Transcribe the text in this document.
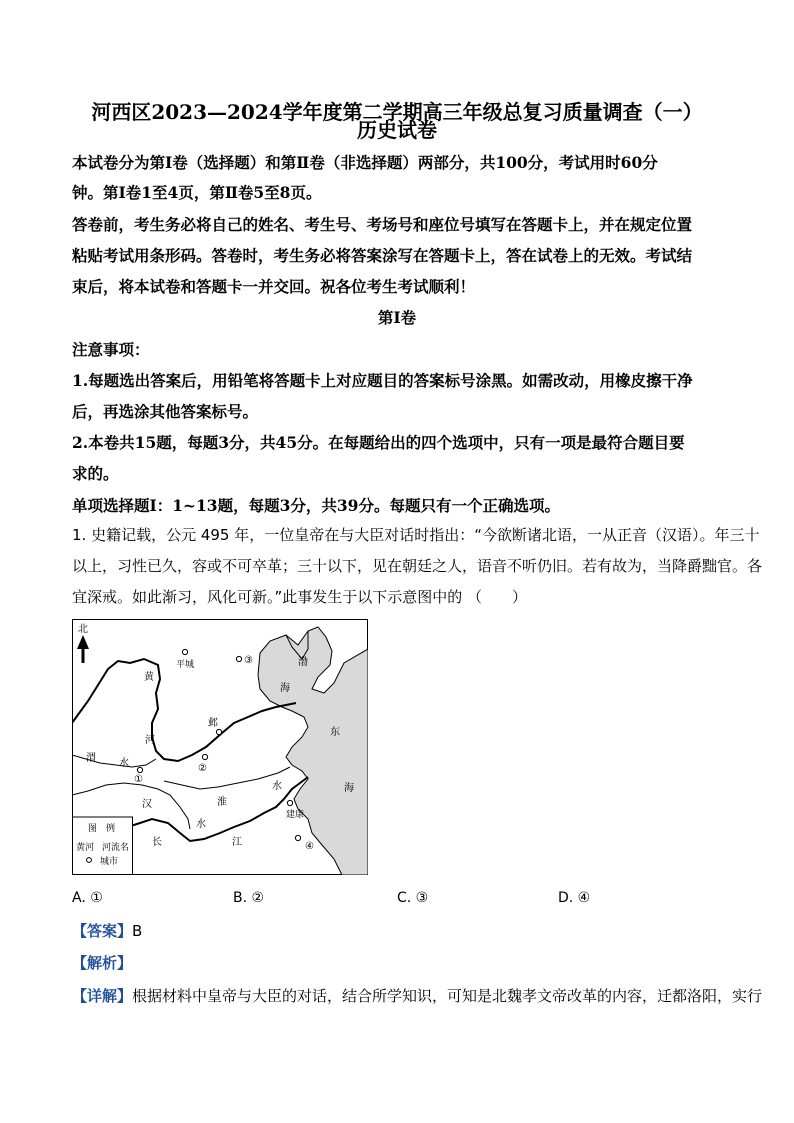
河西区2023—2024学年度第二学期高三年级总复习质量调查（一）
历史试卷
本试卷分为第Ⅰ卷（选择题）和第Ⅱ卷（非选择题）两部分，共100分，考试用时60分
钟。第Ⅰ卷1至4页，第Ⅱ卷5至8页。
答卷前，考生务必将自己的姓名、考生号、考场号和座位号填写在答题卡上，并在规定位置
粘贴考试用条形码。答卷时，考生务必将答案涂写在答题卡上，答在试卷上的无效。考试结
束后，将本试卷和答题卡一并交回。祝各位考生考试顺利！
第Ⅰ卷
注意事项：
1.每题选出答案后，用铅笔将答题卡上对应题目的答案标号涂黑。如需改动，用橡皮擦干净
后，再选涂其他答案标号。
2.本卷共15题，每题3分，共45分。在每题给出的四个选项中，只有一项是最符合题目要
求的。
单项选择题Ⅰ：1~13题，每题3分，共39分。每题只有一个正确选项。
1. 史籍记载，公元 495 年，一位皇帝在与大臣对话时指出：“今欲断诸北语，一从正音（汉语）。年三十
以上，习性已久，容或不可卒革；三十以下，见在朝廷之人，语音不听仍旧。若有故为，当降爵黜官。各
宜深戒。如此渐习，风化可新。”此事发生于以下示意图中的 （　　）
北
平城	③
邺
②
①
建康
④
黄
河
渭 水
汉
水
淮
水
长	江
渤
海
东
海
图　例
黄河 河流名
城市
A. ①	B. ②	C. ③	D. ④
【答案】B
【解析】
【详解】根据材料中皇帝与大臣的对话，结合所学知识，可知是北魏孝文帝改革的内容，迁都洛阳，实行
